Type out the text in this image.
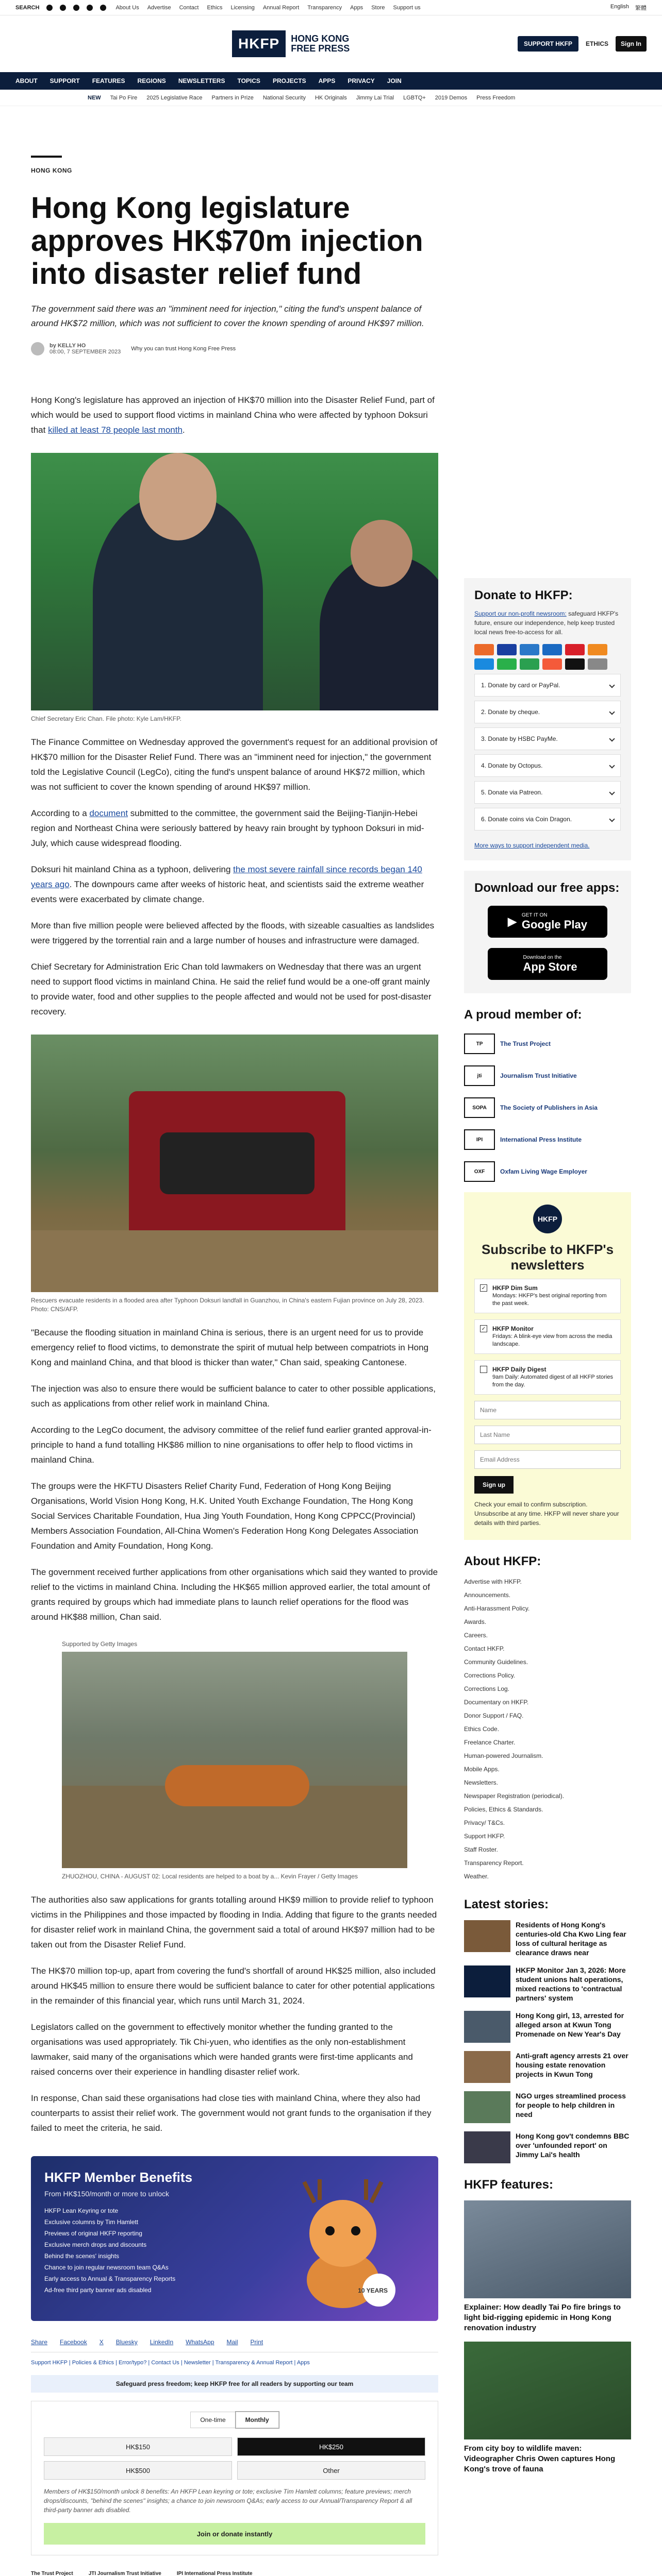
SEARCH	About Us Advertise Contact Ethics Licensing Annual Report Transparency Apps Store Support us	English 繁體
HKFP	HONG KONG
FREE PRESS	SUPPORT HKFP	ETHICS	Sign In
ABOUT SUPPORT FEATURES REGIONS NEWSLETTERS TOPICS PROJECTS APPS PRIVACY JOIN
NEW Tai Po Fire 2025 Legislative Race Partners in Prize National Security HK Originals Jimmy Lai Trial LGBTQ+ 2019 Demos Press Freedom
HONG KONG
Hong Kong legislature approves HK$70m injection into disaster relief fund

The government said there was an "imminent need for injection," citing the fund's unspent balance of around HK$72 million, which was not sufficient to cover the known spending of around HK$97 million.

by KELLY HO
08:00, 7 SEPTEMBER 2023 Why you can trust Hong Kong Free Press

Hong Kong's legislature has approved an injection of HK$70 million into the Disaster Relief Fund, part of which would be used to support flood victims in mainland China who were affected by typhoon Doksuri that killed at least 78 people last month.

Chief Secretary Eric Chan. File photo: Kyle Lam/HKFP.

The Finance Committee on Wednesday approved the government's request for an additional provision of HK$70 million for the Disaster Relief Fund. There was an "imminent need for injection," the government told the Legislative Council (LegCo), citing the fund's unspent balance of around HK$72 million, which was not sufficient to cover the known spending of around HK$97 million.

According to a document submitted to the committee, the government said the Beijing-Tianjin-Hebei region and Northeast China were seriously battered by heavy rain brought by typhoon Doksuri in mid-July, which cause widespread flooding.

Doksuri hit mainland China as a typhoon, delivering the most severe rainfall since records began 140 years ago. The downpours came after weeks of historic heat, and scientists said the extreme weather events were exacerbated by climate change.

More than five million people were believed affected by the floods, with sizeable casualties as landslides were triggered by the torrential rain and a large number of houses and infrastructure were damaged.

Chief Secretary for Administration Eric Chan told lawmakers on Wednesday that there was an urgent need to support flood victims in mainland China. He said the relief fund would be a one-off grant mainly to provide water, food and other supplies to the people affected and would not be used for post-disaster recovery.

Rescuers evacuate residents in a flooded area after Typhoon Doksuri landfall in Guanzhou, in China's eastern Fujian province on July 28, 2023. Photo: CNS/AFP.

"Because the flooding situation in mainland China is serious, there is an urgent need for us to provide emergency relief to flood victims, to demonstrate the spirit of mutual help between compatriots in Hong Kong and mainland China, and that blood is thicker than water," Chan said, speaking Cantonese.

The injection was also to ensure there would be sufficient balance to cater to other possible applications, such as applications from other relief work in mainland China.

According to the LegCo document, the advisory committee of the relief fund earlier granted approval-in-principle to hand a fund totalling HK$86 million to nine organisations to offer help to flood victims in mainland China.

The groups were the HKFTU Disasters Relief Charity Fund, Federation of Hong Kong Beijing Organisations, World Vision Hong Kong, H.K. United Youth Exchange Foundation, The Hong Kong Social Services Charitable Foundation, Hua Jing Youth Foundation, Hong Kong CPPCC(Provincial) Members Association Foundation, All-China Women's Federation Hong Kong Delegates Association Foundation and Amity Foundation, Hong Kong.

The government received further applications from other organisations which said they wanted to provide relief to the victims in mainland China. Including the HK$65 million approved earlier, the total amount of grants required by groups which had immediate plans to launch relief operations for the flood was around HK$88 million, Chan said.

Supported by Getty Images
ZHUOZHOU, CHINA - AUGUST 02: Local residents are helped to a boat by a... Kevin Frayer / Getty Images

The authorities also saw applications for grants totalling around HK$9 million to provide relief to typhoon victims in the Philippines and those impacted by flooding in India. Adding that figure to the grants needed for disaster relief work in mainland China, the government said a total of around HK$97 million had to be taken out from the Disaster Relief Fund.

The HK$70 million top-up, apart from covering the fund's shortfall of around HK$25 million, also included around HK$45 million to ensure there would be sufficient balance to cater for other potential applications in the remainder of this financial year, which runs until March 31, 2024.

Legislators called on the government to effectively monitor whether the funding granted to the organisations was used appropriately. Tik Chi-yuen, who identifies as the only non-establishment lawmaker, said many of the organisations which were handed grants were first-time applicants and raised concerns over their experience in handling disaster relief work.

In response, Chan said these organisations had close ties with mainland China, where they also had counterparts to assist their relief work. The government would not grant funds to the organisation if they failed to meet the criteria, he said.

HKFP Member Benefits
From HK$150/month or more to unlock
HKFP Lean Keyring or tote
Exclusive columns by Tim Hamlett
Previews of original HKFP reporting
Exclusive merch drops and discounts
Behind the scenes' insights
Chance to join regular newsroom team Q&As
Early access to Annual & Transparency Reports
Ad-free third party banner ads disabled	10 YEARS
Share Facebook X Bluesky LinkedIn WhatsApp Mail Print
Support HKFP | Policies & Ethics | Error/typo? | Contact Us | Newsletter | Transparency & Annual Report | Apps
Safeguard press freedom; keep HKFP free for all readers by supporting our team
One-time	Monthly
HK$150	HK$250
HK$500	Other
Members of HK$150/month unlock 8 benefits: An HKFP Lean keyring or tote; exclusive Tim Hamlett columns; feature previews; merch drops/discounts, "behind the scenes" insights; a chance to join newsroom Q&As; early access to our Annual/Transparency Report & all third-party banner ads disabled.
Join or donate instantly
The Trust Project	JTI Journalism Trust Initiative	IPI International Press Institute
Donate to HKFP:

Support our non-profit newsroom: safeguard HKFP's future, ensure our independence, help keep trusted local news free-to-access for all.

1. Donate by card or PayPal.
2. Donate by cheque.
3. Donate by HSBC PayMe.
4. Donate by Octopus.
5. Donate via Patreon.
6. Donate coins via Coin Dragon.

More ways to support independent media.

Download our free apps:
▶ GET IT ON
Google Play
Download on the
App Store
A proud member of:
TP	The Trust Project
jti	Journalism Trust Initiative
SOPA	The Society of Publishers in Asia
IPI	International Press Institute
OXF	Oxfam Living Wage Employer
HKFP
Subscribe to HKFP's newsletters
✓ HKFP Dim Sum
Mondays: HKFP's best original reporting from the past week.
✓ HKFP Monitor
Fridays: A blink-eye view from across the media landscape.
HKFP Daily Digest
9am Daily: Automated digest of all HKFP stories from the day.
Name Last Name Email Address Sign up

Check your email to confirm subscription. Unsubscribe at any time. HKFP will never share your details with third parties.

About HKFP:
Advertise with HKFP.
Announcements.
Anti-Harassment Policy.
Awards.
Careers.
Contact HKFP.
Community Guidelines.
Corrections Policy.
Corrections Log.
Documentary on HKFP.
Donor Support / FAQ.
Ethics Code.
Freelance Charter.
Human-powered Journalism.
Mobile Apps.
Newsletters.
Newspaper Registration (periodical).
Policies, Ethics & Standards.
Privacy/ T&Cs.
Support HKFP.
Staff Roster.
Transparency Report.
Weather.
Latest stories:
Residents of Hong Kong's centuries-old Cha Kwo Ling fear loss of cultural heritage as clearance draws near
HKFP Monitor Jan 3, 2026: More student unions halt operations, mixed reactions to 'contractual partners' system
Hong Kong girl, 13, arrested for alleged arson at Kwun Tong Promenade on New Year's Day
Anti-graft agency arrests 21 over housing estate renovation projects in Kwun Tong
NGO urges streamlined process for people to help children in need
Hong Kong gov't condemns BBC over 'unfounded report' on Jimmy Lai's health
HKFP features:
Explainer: How deadly Tai Po fire brings to light bid-rigging epidemic in Hong Kong renovation industry
From city boy to wildlife maven: Videographer Chris Owen captures Hong Kong's trove of fauna
